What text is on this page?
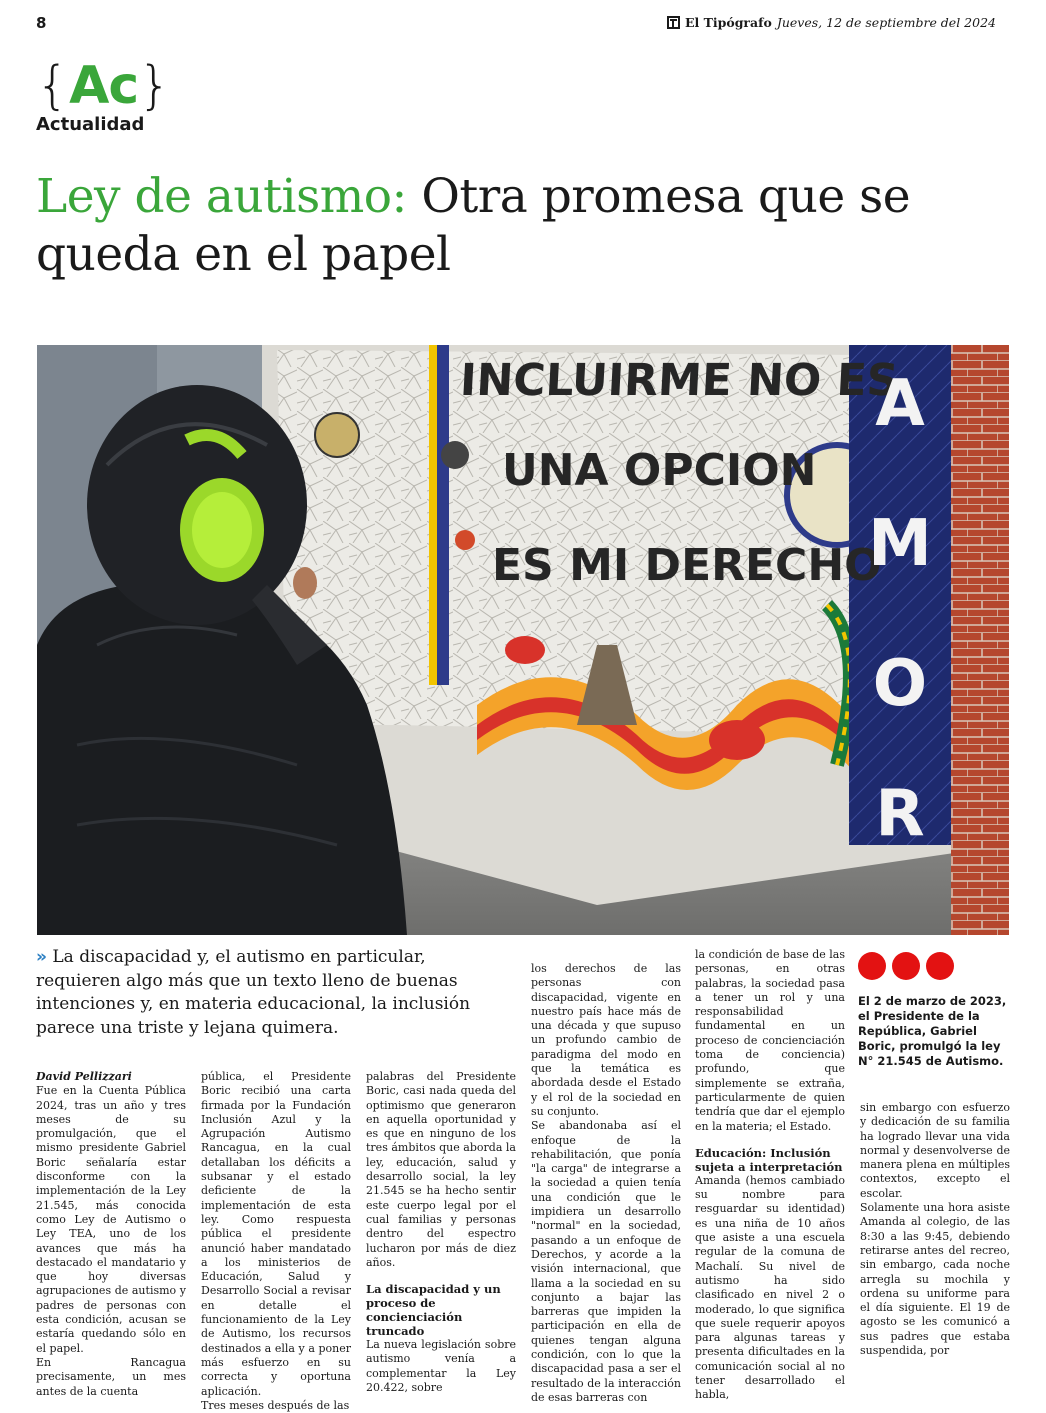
8	El Tipógrafo Jueves, 12 de septiembre del 2024
{ Ac }
Actualidad
Ley de autismo: Otra promesa que se
queda en el papel
INCLUIRME NO ES
UNA OPCION
ES MI DERECHO
A
M
O
R
» La discapacidad y, el autismo en particular, requieren algo más que un texto lleno de buenas intenciones y, en materia educacional, la inclusión parece una triste y lejana quimera.

El 2 de marzo de 2023, el Presidente de la República, Gabriel Boric, promulgó la ley N° 21.545 de Autismo.

David Pellizzari

Fue en la Cuenta Pública 2024, tras un año y tres meses de su promulgación, que el mismo presidente Gabriel Boric señalaría estar disconforme con la implementación de la Ley 21.545, más conocida como Ley de Autismo o Ley TEA, uno de los avances que más ha destacado el mandatario y que hoy diversas agrupaciones de autismo y padres de personas con esta condición, acusan se estaría quedando sólo en el papel.

En Rancagua precisamente, un mes antes de la cuenta

pública, el Presidente Boric recibió una carta firmada por la Fundación Inclusión Azul y la Agrupación Autismo Rancagua, en la cual detallaban los déficits a subsanar y el estado deficiente de la implementación de esta ley. Como respuesta pública el presidente anunció haber mandatado a los ministerios de Educación, Salud y Desarrollo Social a revisar en detalle el funcionamiento de la Ley de Autismo, los recursos destinados a ella y a poner más esfuerzo en su correcta y oportuna aplicación.

Tres meses después de las

palabras del Presidente Boric, casi nada queda del optimismo que generaron en aquella oportunidad y es que en ninguno de los tres ámbitos que aborda la ley, educación, salud y desarrollo social, la ley 21.545 se ha hecho sentir este cuerpo legal por el cual familias y personas dentro del espectro lucharon por más de diez años.

La discapacidad y un proceso de concienciación truncado

La nueva legislación sobre autismo venía a complementar la Ley 20.422, sobre

los derechos de las personas con discapacidad, vigente en nuestro país hace más de una década y que supuso un profundo cambio de paradigma del modo en que la temática es abordada desde el Estado y el rol de la sociedad en su conjunto.

Se abandonaba así el enfoque de la rehabilitación, que ponía "la carga" de integrarse a la sociedad a quien tenía una condición que le impidiera un desarrollo "normal" en la sociedad, pasando a un enfoque de Derechos, y acorde a la visión internacional, que llama a la sociedad en su conjunto a bajar las barreras que impiden la participación en ella de quienes tengan alguna condición, con lo que la discapacidad pasa a ser el resultado de la interacción de esas barreras con

la condición de base de las personas, en otras palabras, la sociedad pasa a tener un rol y una responsabilidad fundamental en un proceso de concienciación toma de conciencia) profundo, que simplemente se extraña, particularmente de quien tendría que dar el ejemplo en la materia; el Estado.

Educación: Inclusión sujeta a interpretación

Amanda (hemos cambiado su nombre para resguardar su identidad) es una niña de 10 años que asiste a una escuela regular de la comuna de Machalí. Su nivel de autismo ha sido clasificado en nivel 2 o moderado, lo que significa que suele requerir apoyos para algunas tareas y presenta dificultades en la comunicación social al no tener desarrollado el habla,

sin embargo con esfuerzo y dedicación de su familia ha logrado llevar una vida normal y desenvolverse de manera plena en múltiples contextos, excepto el escolar.

Solamente una hora asiste Amanda al colegio, de las 8:30 a las 9:45, debiendo retirarse antes del recreo, sin embargo, cada noche arregla su mochila y ordena su uniforme para el día siguiente. El 19 de agosto se les comunicó a sus padres que estaba suspendida, por
